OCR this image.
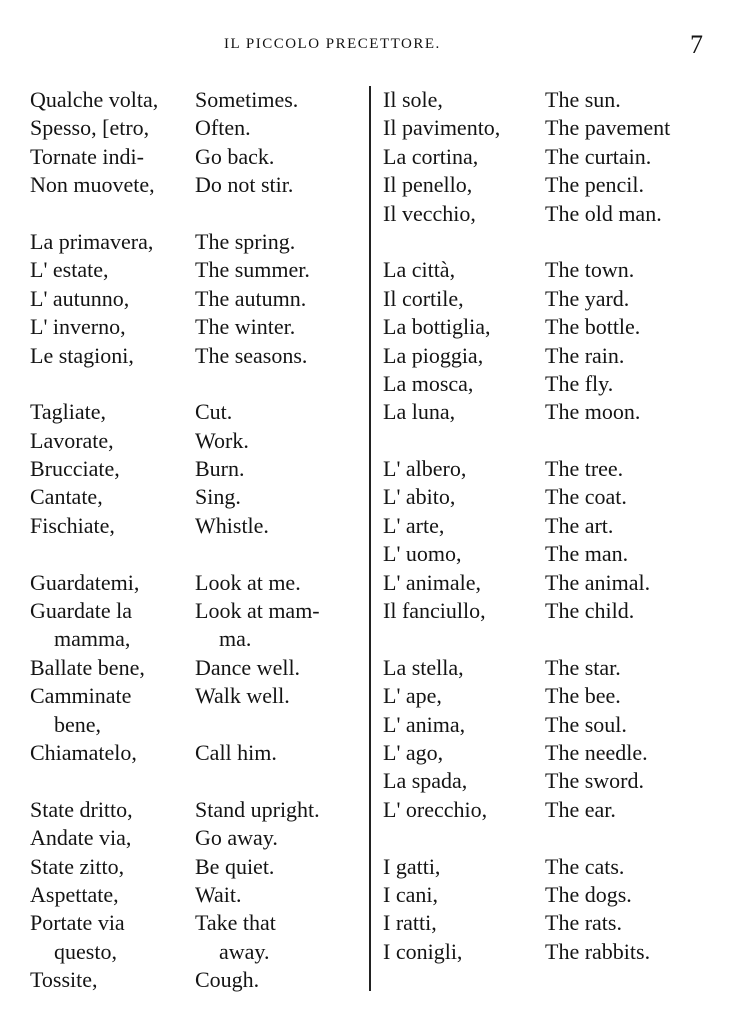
IL PICCOLO PRECETTORE.	7
Qualche volta, Sometimes.
Spesso, [etro, Often.
Tornate indi- Go back.
Non muovete, Do not stir.
La primavera, The spring.
L' estate,	The summer.
L' autunno,	The autumn.
L' inverno,	The winter.
Le stagioni,	The seasons.
Tagliate,	Cut.
Lavorate,	Work.
Brucciate,	Burn.
Cantate,	Sing.
Fischiate,	Whistle.
Guardatemi,	Look at me.
Guardate la	Look at mam-
mamma,	ma.
Ballate bene, Dance well.
Camminate	Walk well.
bene,
Chiamatelo,	Call him.
State dritto,	Stand upright.
Andate via,	Go away.
State zitto,	Be quiet.
Aspettate,	Wait.
Portate via	Take that
questo,	away.
Tossite,	Cough.
Il sole,	The sun.
Il pavimento, The pavement
La cortina,	The curtain.
Il penello,	The pencil.
Il vecchio,	The old man.
La città,	The town.
Il cortile,	The yard.
La bottiglia, The bottle.
La pioggia,	The rain.
La mosca,	The fly.
La luna,	The moon.
L' albero,	The tree.
L' abito,	The coat.
L' arte,	The art.
L' uomo,	The man.
L' animale,	The animal.
Il fanciullo,	The child.
La stella,	The star.
L' ape,	The bee.
L' anima,	The soul.
L' ago,	The needle.
La spada,	The sword.
L' orecchio,	The ear.
I gatti,	The cats.
I cani,	The dogs.
I ratti,	The rats.
I conigli,	The rabbits.
